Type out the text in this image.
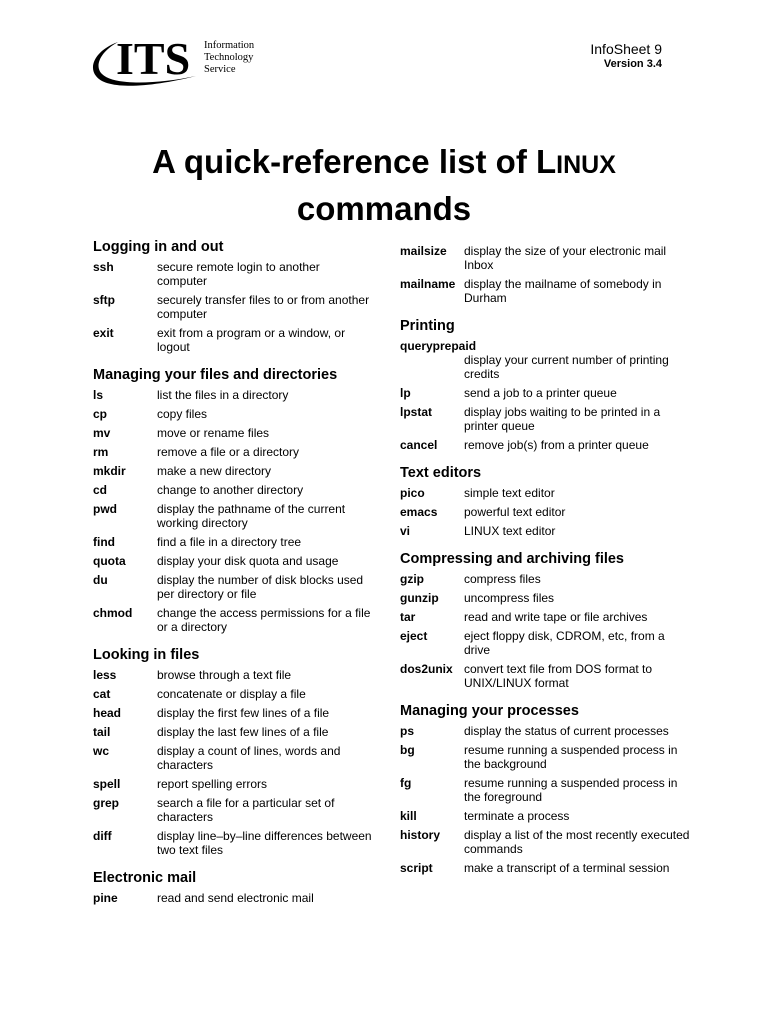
ITS Information
Technology
Service
InfoSheet 9
Version 3.4
A quick-reference list of LINUX
commands
Logging in and out
ssh	secure remote login to another computer
sftp	securely transfer files to or from another computer
exit	exit from a program or a window, or logout
Managing your files and directories
ls	list the files in a directory
cp	copy files
mv	move or rename files
rm	remove a file or a directory
mkdir	make a new directory
cd	change to another directory
pwd	display the pathname of the current working directory
find	find a file in a directory tree
quota	display your disk quota and usage
du	display the number of disk blocks used per directory or file
chmod	change the access permissions for a file or a directory
Looking in files
less	browse through a text file
cat	concatenate or display a file
head	display the first few lines of a file
tail	display the last few lines of a file
wc	display a count of lines, words and characters
spell	report spelling errors
grep	search a file for a particular set of characters
diff	display line–by–line differences between two text files
Electronic mail
pine	read and send electronic mail
mailsize	display the size of your electronic mail Inbox
mailname display the mailname of somebody in Durham
Printing
queryprepaid
display your current number of printing credits
lp	send a job to a printer queue
lpstat	display jobs waiting to be printed in a printer queue
cancel	remove job(s) from a printer queue
Text editors
pico	simple text editor
emacs	powerful text editor
vi	LINUX text editor
Compressing and archiving files
gzip	compress files
gunzip	uncompress files
tar	read and write tape or file archives
eject	eject floppy disk, CDROM, etc, from a drive
dos2unix convert text file from DOS format to UNIX/LINUX format
Managing your processes
ps	display the status of current processes
bg	resume running a suspended process in the background
fg	resume running a suspended process in the foreground
kill	terminate a process
history	display a list of the most recently executed commands
script	make a transcript of a terminal session
